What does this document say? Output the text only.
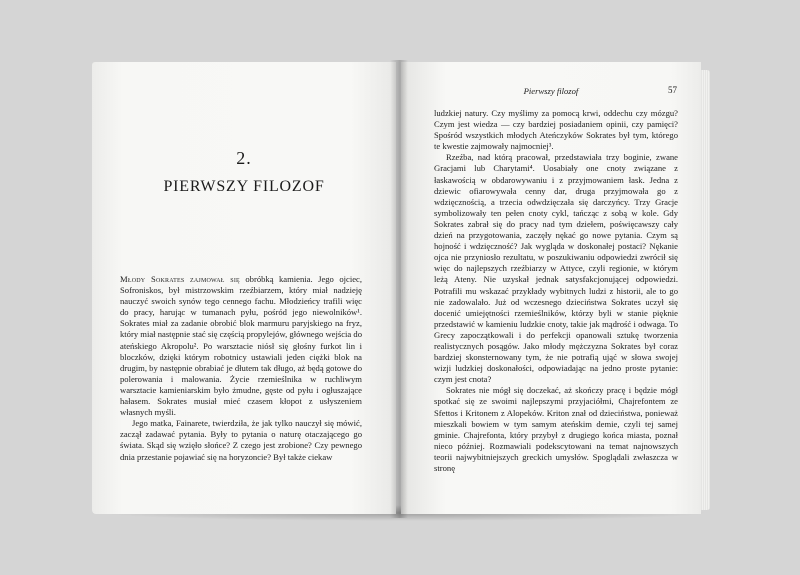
2.
PIERWSZY FILOZOF

Młody Sokrates zajmował się obróbką kamienia. Jego ojciec, Sofroniskos, był mistrzowskim rzeźbiarzem, który miał nadzieję nauczyć swoich synów tego cennego fachu. Młodzieńcy trafili więc do pracy, harując w tumanach pyłu, pośród jego niewolników¹. Sokrates miał za zadanie obrobić blok marmuru paryjskiego na fryz, który miał następnie stać się częścią propylejów, głównego wejścia do ateńskiego Akropolu². Po warsztacie niósł się głośny furkot lin i bloczków, dzięki którym robotnicy ustawiali jeden ciężki blok na drugim, by następnie obrabiać je dłutem tak długo, aż będą gotowe do polerowania i malowania. Życie rzemieślnika w ruchliwym warsztacie kamieniarskim było żmudne, gęste od pyłu i ogłuszające hałasem. Sokrates musiał mieć czasem kłopot z usłyszeniem własnych myśli.

Jego matka, Fainarete, twierdziła, że jak tylko nauczył się mówić, zaczął zadawać pytania. Były to pytania o naturę otaczającego go świata. Skąd się wzięło słońce? Z czego jest zrobione? Czy pewnego dnia przestanie pojawiać się na horyzoncie? Był także ciekaw

Pierwszy filozof	57

ludzkiej natury. Czy myślimy za pomocą krwi, oddechu czy mózgu? Czym jest wiedza — czy bardziej posiadaniem opinii, czy pamięci? Spośród wszystkich młodych Ateńczyków Sokrates był tym, którego te kwestie zajmowały najmocniej³.

Rzeźba, nad którą pracował, przedstawiała trzy boginie, zwane Gracjami lub Charytami⁴. Uosabiały one cnoty związane z łaskawością w obdarowywaniu i z przyjmowaniem łask. Jedna z dziewic ofiarowywała cenny dar, druga przyjmowała go z wdzięcznością, a trzecia odwdzięczała się darczyńcy. Trzy Gracje symbolizowały ten pełen cnoty cykl, tańcząc z sobą w kole. Gdy Sokrates zabrał się do pracy nad tym dziełem, poświęcawszy cały dzień na przygotowania, zaczęły nękać go nowe pytania. Czym są hojność i wdzięczność? Jak wygląda w doskonałej postaci? Nękanie ojca nie przyniosło rezultatu, w poszukiwaniu odpowiedzi zwrócił się więc do najlepszych rzeźbiarzy w Attyce, czyli regionie, w którym leżą Ateny. Nie uzyskał jednak satysfakcjonującej odpowiedzi. Potrafili mu wskazać przykłady wybitnych ludzi z historii, ale to go nie zadowalało. Już od wczesnego dzieciństwa Sokrates uczył się docenić umiejętności rzemieślników, którzy byli w stanie pięknie przedstawić w kamieniu ludzkie cnoty, takie jak mądrość i odwaga. To Grecy zapoczątkowali i do perfekcji opanowali sztukę tworzenia realistycznych posągów. Jako młody mężczyzna Sokrates był coraz bardziej skonsternowany tym, że nie potrafią ująć w słowa swojej wizji ludzkiej doskonałości, odpowiadając na jedno proste pytanie: czym jest cnota?

Sokrates nie mógł się doczekać, aż skończy pracę i będzie mógł spotkać się ze swoimi najlepszymi przyjaciółmi, Chajrefontem ze Sfettos i Kritonem z Alopeków. Kriton znał od dzieciństwa, ponieważ mieszkali bowiem w tym samym ateńskim demie, czyli tej samej gminie. Chajrefonta, który przybył z drugiego końca miasta, poznał nieco później. Rozmawiali podekscytowani na temat najnowszych teorii najwybitniejszych greckich umysłów. Spoglądali zwłaszcza w stronę
